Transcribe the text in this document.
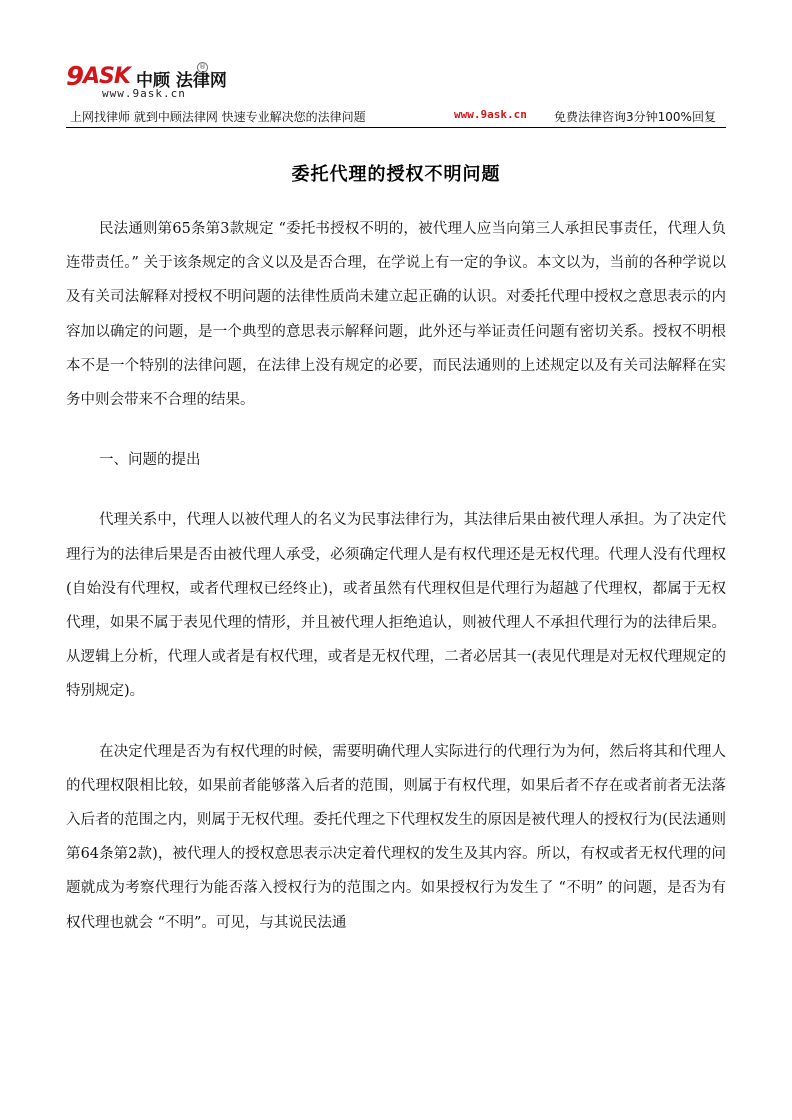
9 ASK 中顾 法律网
®
www.9ask.cn
上网找律师 就到中顾法律网 快速专业解决您的法律问题	www.9ask.cn 免费法律咨询3分钟100%回复
委托代理的授权不明问题

民法通则第65条第3款规定 “委托书授权不明的，被代理人应当向第三人承担民事责任，代理人负连带责任。” 关于该条规定的含义以及是否合理，在学说上有一定的争议。本文以为，当前的各种学说以及有关司法解释对授权不明问题的法律性质尚未建立起正确的认识。对委托代理中授权之意思表示的内容加以确定的问题，是一个典型的意思表示解释问题，此外还与举证责任问题有密切关系。授权不明根本不是一个特别的法律问题，在法律上没有规定的必要，而民法通则的上述规定以及有关司法解释在实务中则会带来不合理的结果。

一、问题的提出

代理关系中，代理人以被代理人的名义为民事法律行为，其法律后果由被代理人承担。为了决定代理行为的法律后果是否由被代理人承受，必须确定代理人是有权代理还是无权代理。代理人没有代理权(自始没有代理权，或者代理权已经终止)，或者虽然有代理权但是代理行为超越了代理权，都属于无权代理，如果不属于表见代理的情形，并且被代理人拒绝追认，则被代理人不承担代理行为的法律后果。从逻辑上分析，代理人或者是有权代理，或者是无权代理，二者必居其一(表见代理是对无权代理规定的特别规定)。

在决定代理是否为有权代理的时候，需要明确代理人实际进行的代理行为为何，然后将其和代理人的代理权限相比较，如果前者能够落入后者的范围，则属于有权代理，如果后者不存在或者前者无法落入后者的范围之内，则属于无权代理。委托代理之下代理权发生的原因是被代理人的授权行为(民法通则第64条第2款)，被代理人的授权意思表示决定着代理权的发生及其内容。所以，有权或者无权代理的问题就成为考察代理行为能否落入授权行为的范围之内。如果授权行为发生了 “不明” 的问题，是否为有权代理也就会 “不明”。可见，与其说民法通
